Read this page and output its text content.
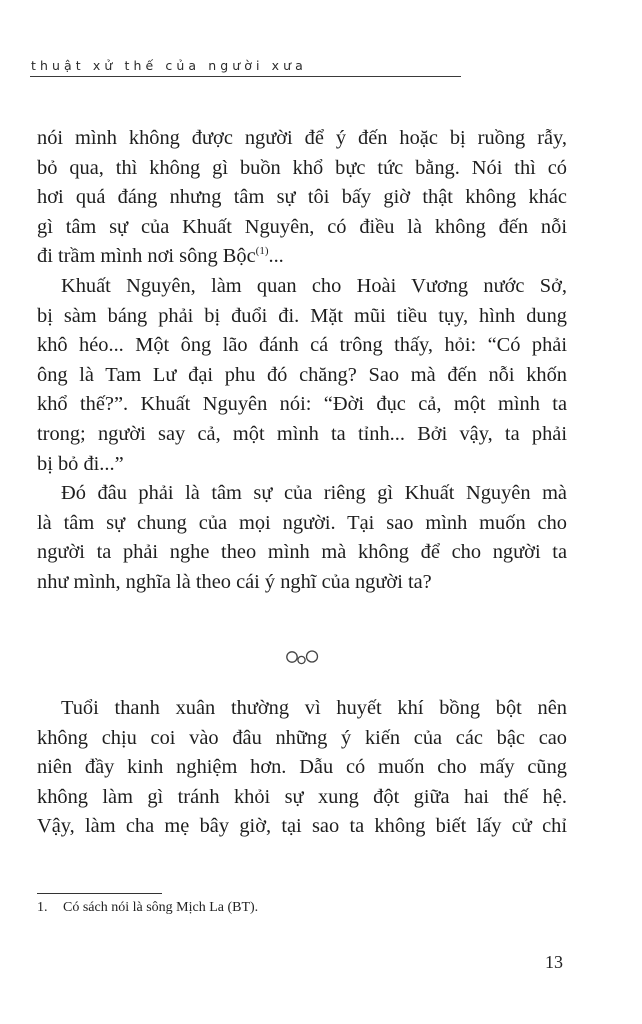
thuật xử thế của người xưa

nói mình không được người để ý đến hoặc bị ruồng rẫy,
bỏ qua, thì không gì buồn khổ bực tức bằng. Nói thì có
hơi quá đáng nhưng tâm sự tôi bấy giờ thật không khác
gì tâm sự của Khuất Nguyên, có điều là không đến nỗi
đi trầm mình nơi sông Bộc$^{(1)}$...

Khuất Nguyên, làm quan cho Hoài Vương nước Sở,
bị sàm báng phải bị đuổi đi. Mặt mũi tiều tụy, hình dung
khô héo... Một ông lão đánh cá trông thấy, hỏi: “Có phải
ông là Tam Lư đại phu đó chăng? Sao mà đến nỗi khốn
khổ thế?”. Khuất Nguyên nói: “Đời đục cả, một mình ta
trong; người say cả, một mình ta tỉnh... Bởi vậy, ta phải
bị bỏ đi...”

Đó đâu phải là tâm sự của riêng gì Khuất Nguyên mà
là tâm sự chung của mọi người. Tại sao mình muốn cho
người ta phải nghe theo mình mà không để cho người ta
như mình, nghĩa là theo cái ý nghĩ của người ta?

Tuổi thanh xuân thường vì huyết khí bồng bột nên
không chịu coi vào đâu những ý kiến của các bậc cao
niên đầy kinh nghiệm hơn. Dẫu có muốn cho mấy cũng
không làm gì tránh khỏi sự xung đột giữa hai thế hệ.
Vậy, làm cha mẹ bây giờ, tại sao ta không biết lấy cử chỉ

1. Có sách nói là sông Mịch La (BT).
13
